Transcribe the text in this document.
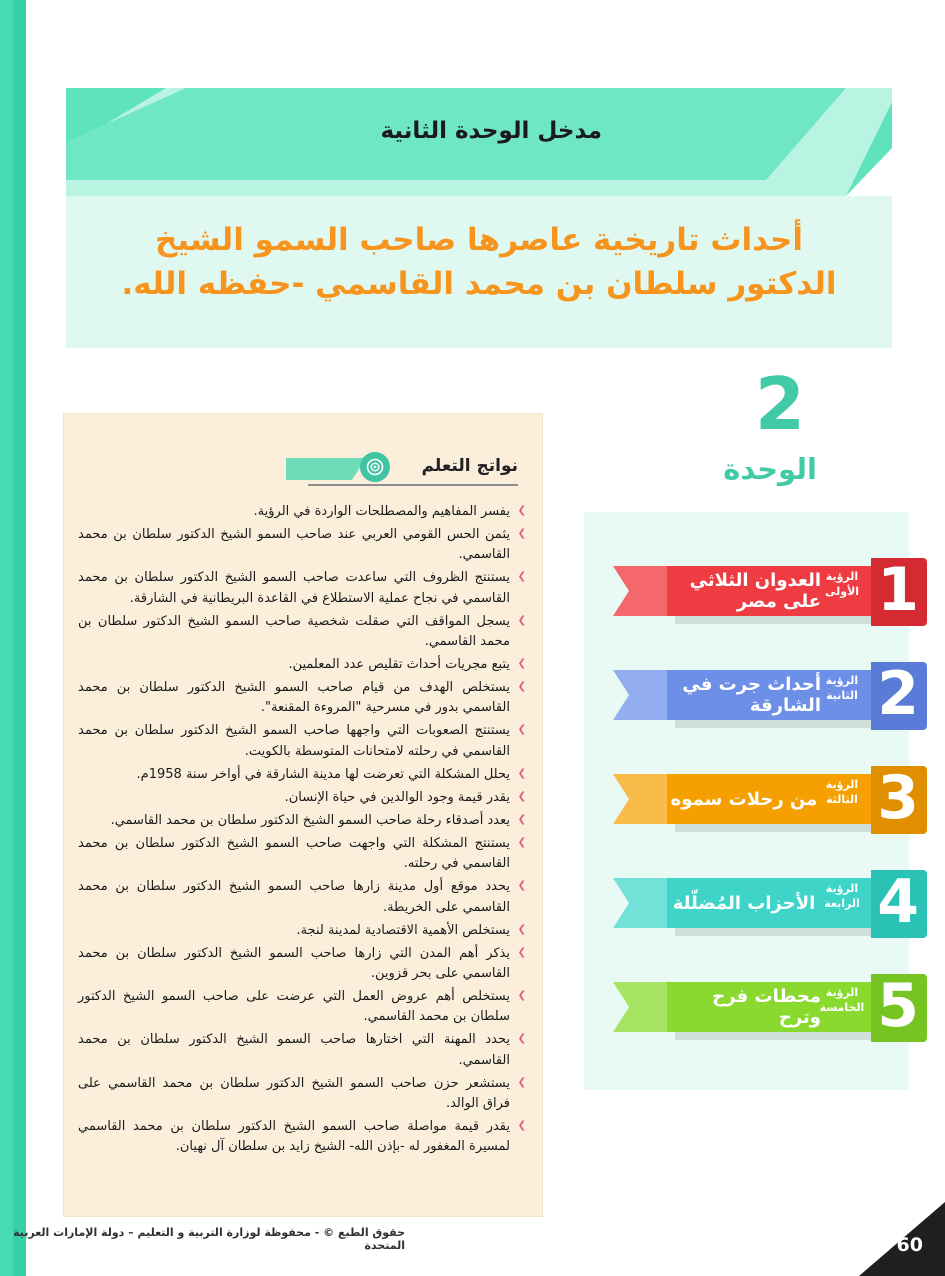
مدخل الوحدة الثانية
أحداث تاريخية عاصرها صاحب السمو الشيخ الدكتور سلطان بن محمد القاسمي -حفظه الله.
2
الوحدة
العدوان الثلاثي على مصر
الرؤية
الأولى 1
أحداث جرت في الشارقة
الرؤية
الثانية 2
من رحلات سموه
الرؤية
الثالثة 3
الأحزاب المُضلّلة
الرؤية
الرابعة 4
محطات فرح وترح
الرؤية
الخامسة 5
نواتج التعلم
❯ يفسر المفاهيم والمصطلحات الواردة في الرؤية.
❯ يثمن الحس القومي العربي عند صاحب السمو الشيخ الدكتور سلطان بن محمد القاسمي.
❯ يستنتج الظروف التي ساعدت صاحب السمو الشيخ الدكتور سلطان بن محمد القاسمي في نجاح عملية الاستطلاع في القاعدة البريطانية في الشارقة.
❯ يسجل المواقف التي صقلت شخصية صاحب السمو الشيخ الدكتور سلطان بن محمد القاسمي.
❯ يتبع مجريات أحداث تقليص عدد المعلمين.
❯ يستخلص الهدف من قيام صاحب السمو الشيخ الدكتور سلطان بن محمد القاسمي بدور في مسرحية "المروءة المقنعة".
❯ يستنتج الصعوبات التي واجهها صاحب السمو الشيخ الدكتور سلطان بن محمد القاسمي في رحلته لامتحانات المتوسطة بالكويت.
❯ يحلل المشكلة التي تعرضت لها مدينة الشارقة في أواخر سنة 1958م.
❯ يقدر قيمة وجود الوالدين في حياة الإنسان.
❯ يعدد أصدقاء رحلة صاحب السمو الشيخ الدكتور سلطان بن محمد القاسمي.
❯ يستنتج المشكلة التي واجهت صاحب السمو الشيخ الدكتور سلطان بن محمد القاسمي في رحلته.
❯ يحدد موقع أول مدينة زارها صاحب السمو الشيخ الدكتور سلطان بن محمد القاسمي على الخريطة.
❯ يستخلص الأهمية الاقتصادية لمدينة لنجة.
❯ يذكر أهم المدن التي زارها صاحب السمو الشيخ الدكتور سلطان بن محمد القاسمي على بحر قزوين.
❯ يستخلص أهم عروض العمل التي عرضت على صاحب السمو الشيخ الدكتور سلطان بن محمد القاسمي.
❯ يحدد المهنة التي اختارها صاحب السمو الشيخ الدكتور سلطان بن محمد القاسمي.
❯ يستشعر حزن صاحب السمو الشيخ الدكتور سلطان بن محمد القاسمي على فراق الوالد.
❯ يقدر قيمة مواصلة صاحب السمو الشيخ الدكتور سلطان بن محمد القاسمي لمسيرة المغفور له -بإذن الله- الشيخ زايد بن سلطان آل نهيان.
حقوق الطبع © - محفوظة لوزارة التربية و التعليم – دولة الإمارات العربية المتحدة	60
